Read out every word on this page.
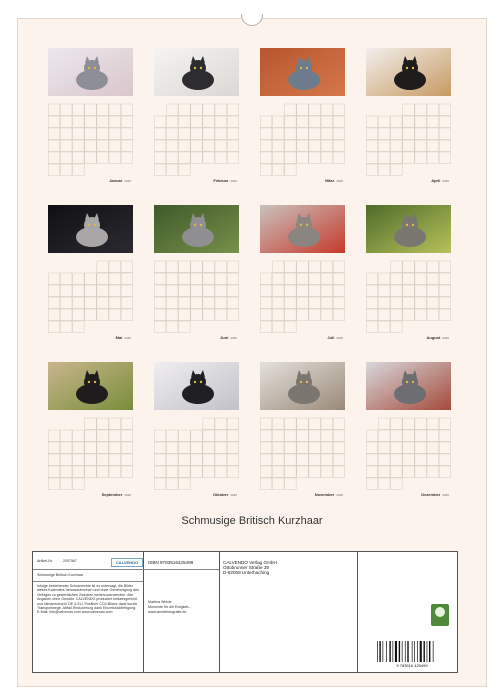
Januar 2026	Februar 2026	März 2026	April 2026
Mai 2026	Juni 2026	Juli 2026	August 2026
September 2026	Oktober 2026	November 2026	Dezember 2026
Schmusige Britisch Kurzhaar
Artikel-Nr.	2057567	CALVENDO
Schmusige Britisch Kurzhaar
Infolge bestehender Schutzrechte ist es untersagt, die Bilder dieses Kalenders herauszutrennen und ohne Genehmigung des Verlages zu gewerblichen Zwecken weiterzuverwenden. Alle Angaben ohne Gewähr. CALVENDO produziert bedarfsgerecht und klimaneutral in DE & EU. Positiver CO2-Bilanz dank kurzer Transportwege. Abfall-Reduzierung dank Einzelstückfertigung. E-Mail: info@calvendo.com www.calvendo.com
ISBN 9783516425499
Martina Wrede
Momente für die Ewigkeit...
www.wredefotografie.de
CALVENDO Verlag GmbH
Ottobrunner Straße 39
D-82008 Unterhaching
9 783516 425499
